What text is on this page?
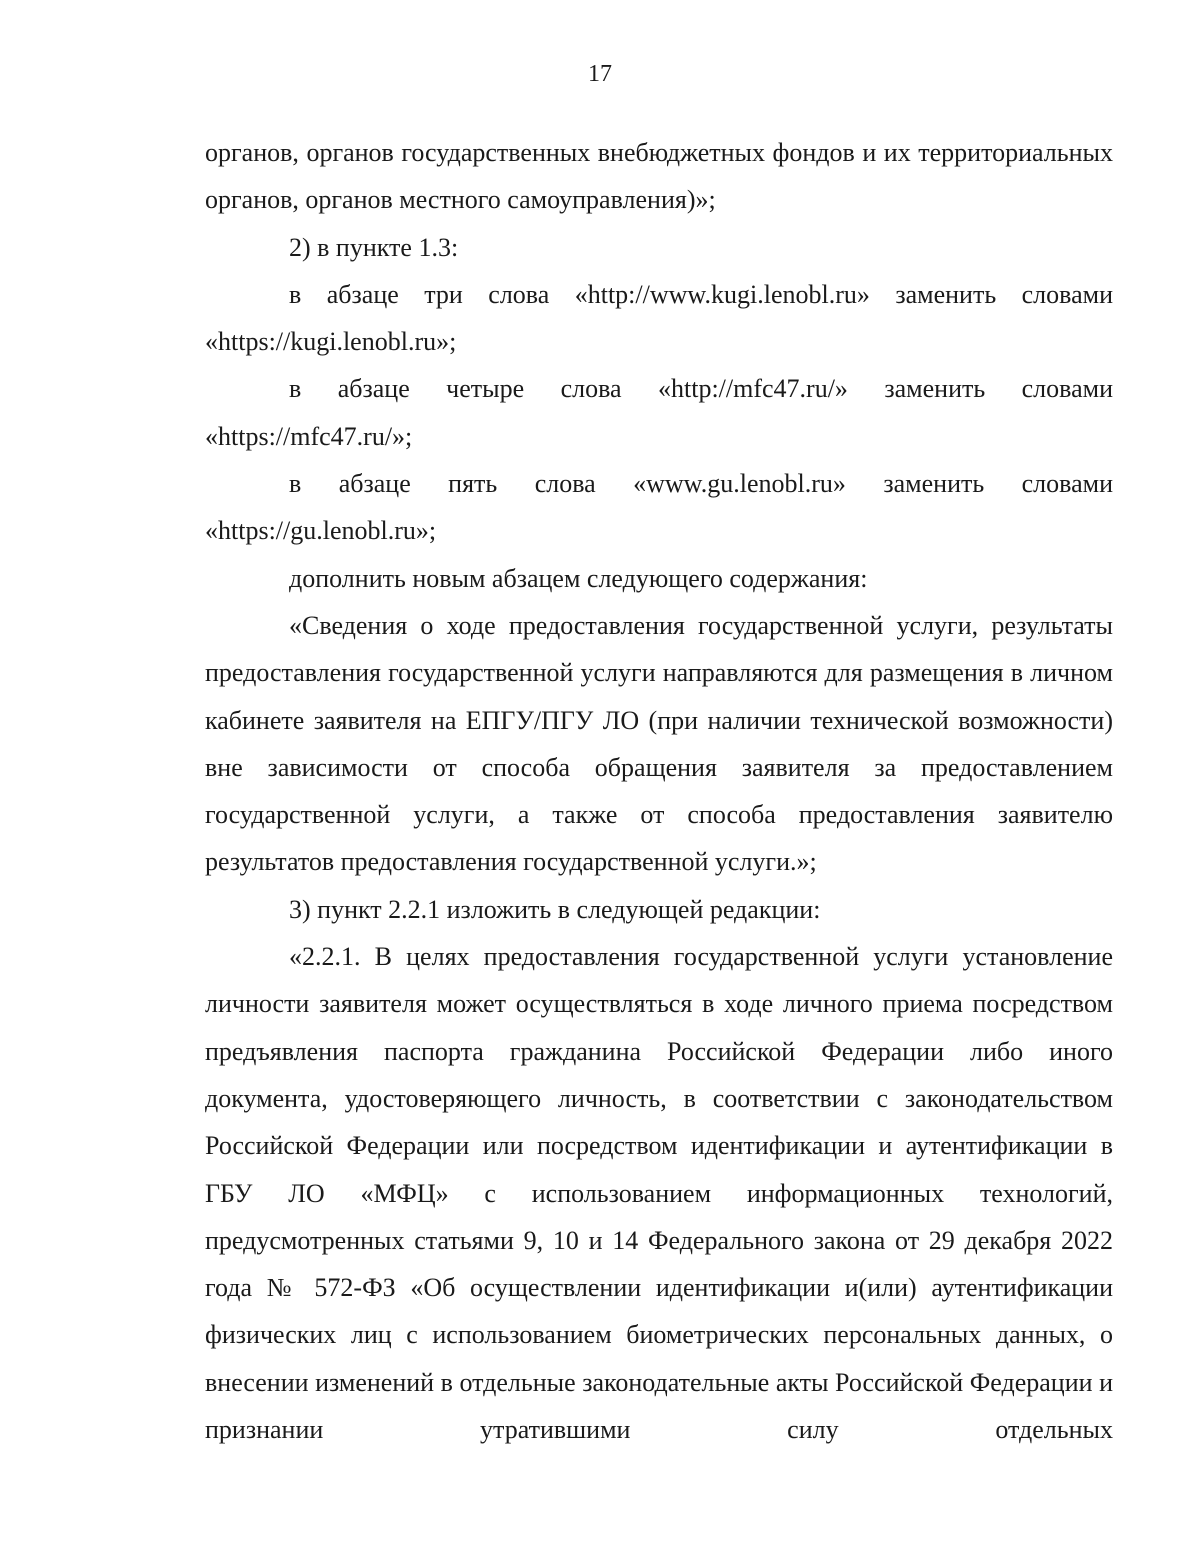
17

органов, органов государственных внебюджетных фондов и их территориальных органов, органов местного самоуправления)»;

2) в пункте 1.3:

в абзаце три слова «http://www.kugi.lenobl.ru» заменить словами «https://kugi.lenobl.ru»;

в абзаце четыре слова «http://mfc47.ru/» заменить словами «https://mfc47.ru/»;

в абзаце пять слова «www.gu.lenobl.ru» заменить словами «https://gu.lenobl.ru»;

дополнить новым абзацем следующего содержания:

«Сведения о ходе предоставления государственной услуги, результаты предоставления государственной услуги направляются для размещения в личном кабинете заявителя на ЕПГУ/ПГУ ЛО (при наличии технической возможности) вне зависимости от способа обращения заявителя за предоставлением государственной услуги, а также от способа предоставления заявителю результатов предоставления государственной услуги.»;

3) пункт 2.2.1 изложить в следующей редакции:

«2.2.1. В целях предоставления государственной услуги установление личности заявителя может осуществляться в ходе личного приема посредством предъявления паспорта гражданина Российской Федерации либо иного документа, удостоверяющего личность, в соответствии с законодательством Российской Федерации или посредством идентификации и аутентификации в ГБУ ЛО «МФЦ» с использованием информационных технологий, предусмотренных статьями 9, 10 и 14 Федерального закона от 29 декабря 2022 года № 572-ФЗ «Об осуществлении идентификации и(или) аутентификации физических лиц с использованием биометрических персональных данных, о внесении изменений в отдельные законодательные акты Российской Федерации и признании утратившими силу отдельных
